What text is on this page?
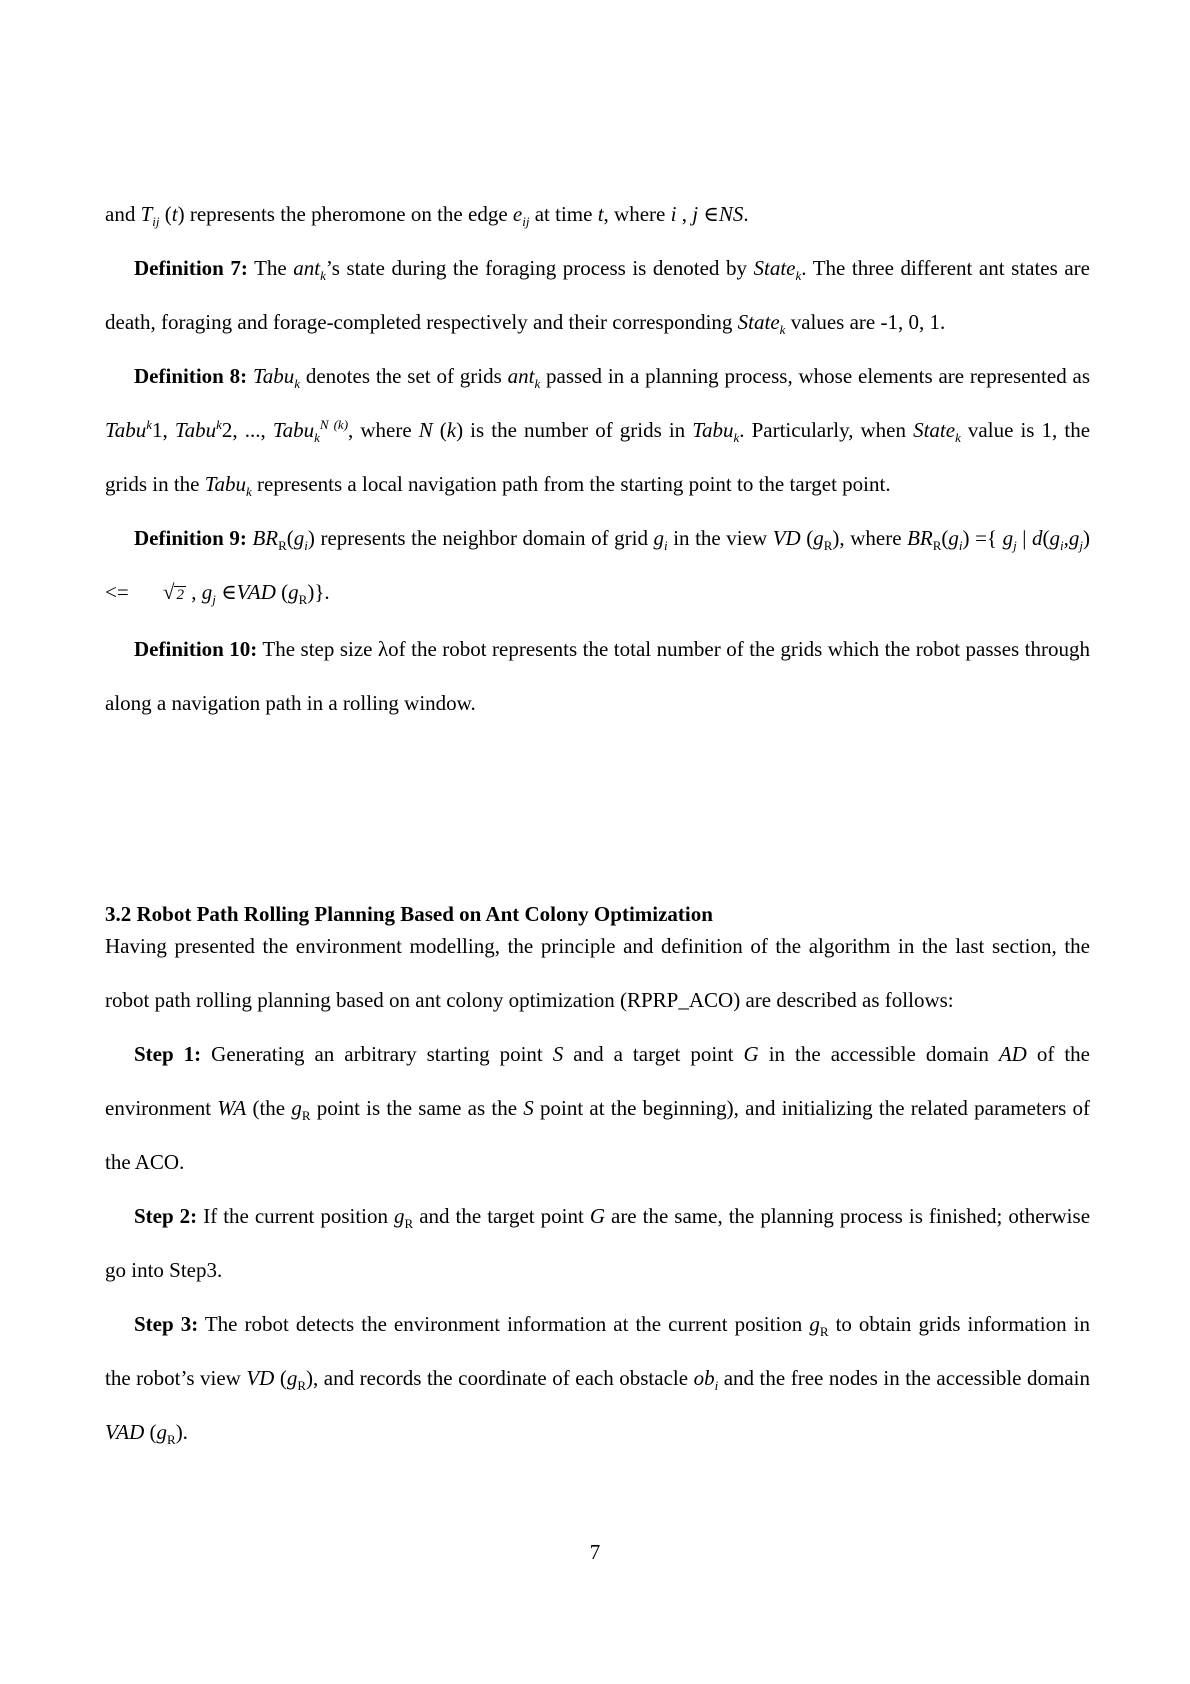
and $T_{ij}$ (t) represents the pheromone on the edge $e_{ij}$ at time t, where i , j ∈NS.

Definition 7: The ant$_k$’s state during the foraging process is denoted by State$_k$. The three different ant states are death, foraging and forage-completed respectively and their corresponding State$_k$ values are -1, 0, 1.

Definition 8: Tabu$_k$ denotes the set of grids ant$_k$ passed in a planning process, whose elements are represented as Tabu$^k$1, Tabu$^k$2, ..., Tabu$_k^{N (k)}$, where N (k) is the number of grids in Tabu$_k$. Particularly, when State$_k$ value is 1, the grids in the Tabu$_k$ represents a local navigation path from the starting point to the target point.

Definition 9: $BR_R(g_i)$ represents the neighbor domain of grid $g_i$ in the view VD $(g_R)$, where $BR_R(g_i)$ ={ $g_j$ | $d(g_i,g_j)<=$ √ 2 , $g_j$ ∈VAD $(g_R)$}.

Definition 10: The step size λof the robot represents the total number of the grids which the robot passes through along a navigation path in a rolling window.

3.2 Robot Path Rolling Planning Based on Ant Colony Optimization

Having presented the environment modelling, the principle and definition of the algorithm in the last section, the robot path rolling planning based on ant colony optimization (RPRP_ACO) are described as follows:

Step 1: Generating an arbitrary starting point S and a target point G in the accessible domain AD of the environment WA (the $g_R$ point is the same as the S point at the beginning), and initializing the related parameters of the ACO.

Step 2: If the current position $g_R$ and the target point G are the same, the planning process is finished; otherwise go into Step3.

Step 3: The robot detects the environment information at the current position $g_R$ to obtain grids information in the robot’s view VD $(g_R)$, and records the coordinate of each obstacle $ob_i$ and the free nodes in the accessible domain VAD $(g_R)$.

7
